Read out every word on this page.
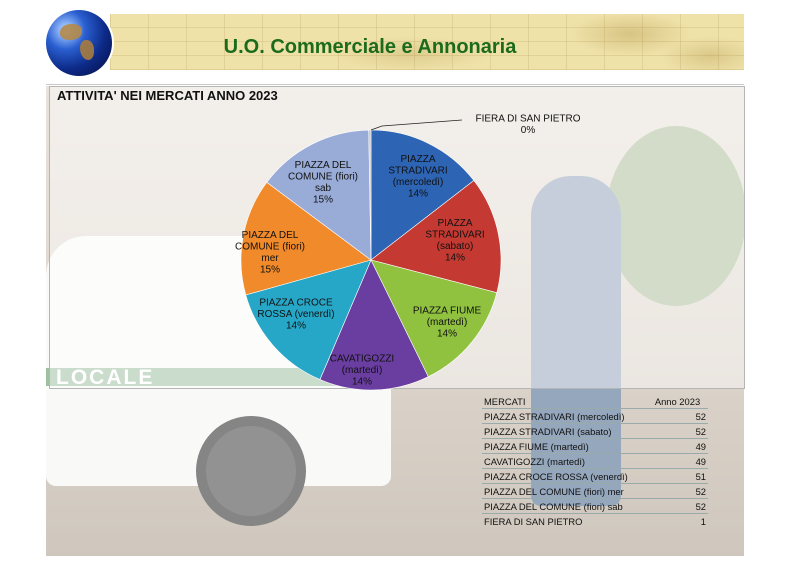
U.O. Commerciale e Annonaria
LOCALE
ATTIVITA' NEI MERCATI ANNO 2023
PIAZZA STRADIVARI (mercoledì) 14%
PIAZZA STRADIVARI (sabato) 14%
PIAZZA FIUME (martedì) 14%
CAVATIGOZZI (martedì) 14%
PIAZZA CROCE ROSSA (venerdì) 14%
PIAZZA DEL COMUNE (fiori) mer 15%
PIAZZA DEL COMUNE (fiori) sab 15%
FIERA DI SAN PIETRO 0%
MERCATI	Anno 2023
PIAZZA STRADIVARI (mercoledì)	52
PIAZZA STRADIVARI (sabato)	52
PIAZZA FIUME (martedì)	49
CAVATIGOZZI (martedì)	49
PIAZZA CROCE ROSSA (venerdì)	51
PIAZZA DEL COMUNE (fiori) mer	52
PIAZZA DEL COMUNE (fiori) sab	52
FIERA DI SAN PIETRO	1
